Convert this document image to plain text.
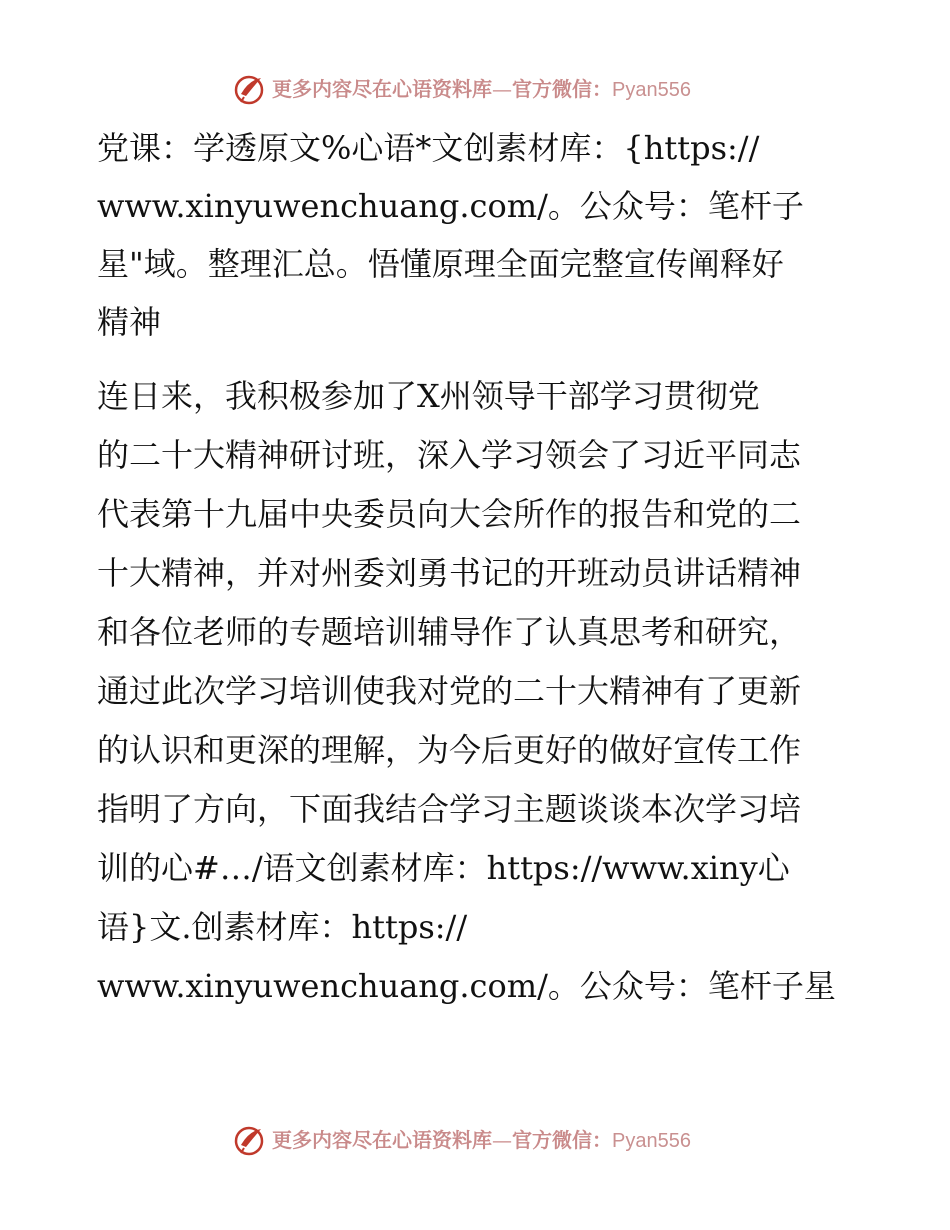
更多内容尽在心语资料库—官方微信：Pyan556
党课：学透原文%心语*文创素材库：{https://
www.xinyuwenchuang.com/。公众号：笔杆子
星"域。整理汇总。悟懂原理全面完整宣传阐释好
精神
连日来，我积极参加了X州领导干部学习贯彻党
的二十大精神研讨班，深入学习领会了习近平同志
代表第十九届中央委员向大会所作的报告和党的二
十大精神，并对州委刘勇书记的开班动员讲话精神
和各位老师的专题培训辅导作了认真思考和研究，
通过此次学习培训使我对党的二十大精神有了更新
的认识和更深的理解，为今后更好的做好宣传工作
指明了方向，下面我结合学习主题谈谈本次学习培
训的心#…/语文创素材库：https://www.xiny心
语}文.创素材库：https://
www.xinyuwenchuang.com/。公众号：笔杆子星
更多内容尽在心语资料库—官方微信：Pyan556
